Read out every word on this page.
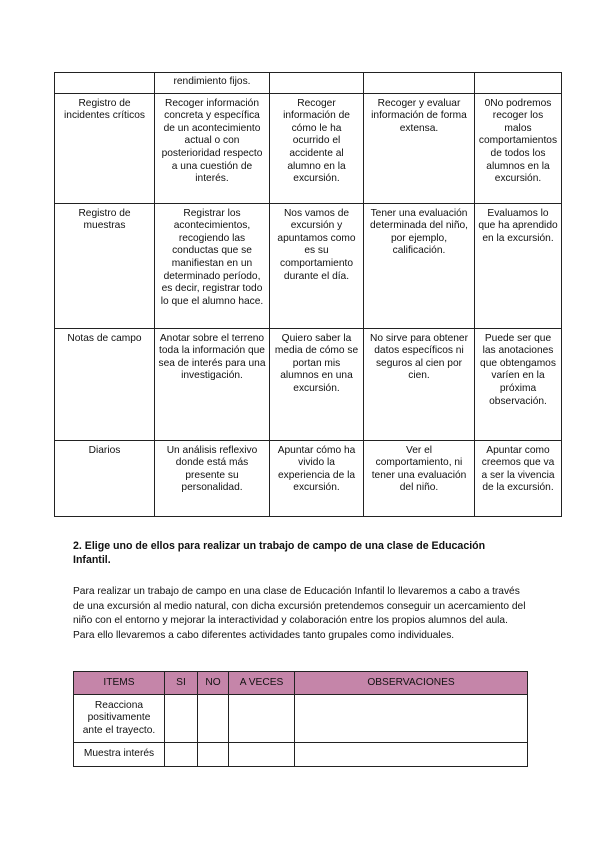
	rendimiento fijos.			
Registro de incidentes críticos	Recoger información concreta y específica de un acontecimiento actual o con posterioridad respecto a una cuestión de interés.	Recoger información de cómo le ha ocurrido el accidente al alumno en la excursión.	Recoger y evaluar información de forma extensa.	0No podremos recoger los malos comportamientos de todos los alumnos en la excursión.
Registro de muestras	Registrar los acontecimientos, recogiendo las conductas que se manifiestan en un determinado período, es decir, registrar todo lo que el alumno hace.	Nos vamos de excursión y apuntamos como es su comportamiento durante el día.	Tener una evaluación determinada del niño, por ejemplo, calificación.	Evaluamos lo que ha aprendido en la excursión.
Notas de campo	Anotar sobre el terreno toda la información que sea de interés para una investigación.	Quiero saber la media de cómo se portan mis alumnos en una excursión.	No sirve para obtener datos específicos ni seguros al cien por cien.	Puede ser que las anotaciones que obtengamos varíen en la próxima observación.
Diarios	Un análisis reflexivo donde está más presente su personalidad.	Apuntar cómo ha vivido la experiencia de la excursión.	Ver el comportamiento, ni tener una evaluación del niño.	Apuntar como creemos que va a ser la vivencia de la excursión.
2. Elige uno de ellos para realizar un trabajo de campo de una clase de Educación Infantil.
Para realizar un trabajo de campo en una clase de Educación Infantil lo llevaremos a cabo a través de una excursión al medio natural, con dicha excursión pretendemos conseguir un acercamiento del niño con el entorno y mejorar la interactividad y colaboración entre los propios alumnos del aula. Para ello llevaremos a cabo diferentes actividades tanto grupales como individuales.
ITEMS	SI	NO	A VECES	OBSERVACIONES
Reacciona positivamente ante el trayecto.				
Muestra interés				
